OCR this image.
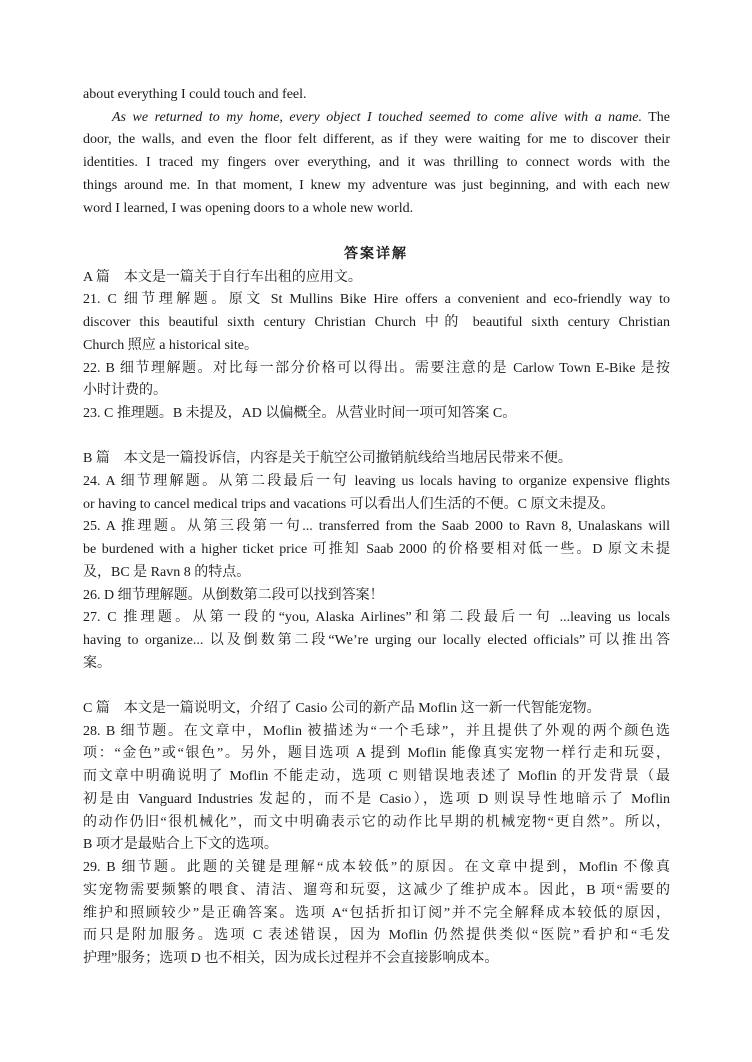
about everything I could touch and feel.
As we returned to my home, every object I touched seemed to come alive with a name. The
door, the walls, and even the floor felt different, as if they were waiting for me to discover their
identities. I traced my fingers over everything, and it was thrilling to connect words with the
things around me. In that moment, I knew my adventure was just beginning, and with each new
word I learned, I was opening doors to a whole new world.
答案详解
A 篇　本文是一篇关于自行车出租的应用文。
21. C 细节理解题。原文 St Mullins Bike Hire offers a convenient and eco-friendly way to
discover this beautiful sixth century Christian Church 中的 beautiful sixth century Christian
Church 照应 a historical site。
22. B 细节理解题。对比每一部分价格可以得出。需要注意的是 Carlow Town E-Bike 是按
小时计费的。
23. C 推理题。B 未提及，AD 以偏概全。从营业时间一项可知答案 C。
B 篇　本文是一篇投诉信，内容是关于航空公司撤销航线给当地居民带来不便。
24. A 细节理解题。从第二段最后一句 leaving us locals having to organize expensive flights
or having to cancel medical trips and vacations 可以看出人们生活的不便。C 原文未提及。
25. A 推理题。从第三段第一句... transferred from the Saab 2000 to Ravn 8, Unalaskans will
be burdened with a higher ticket price 可推知 Saab 2000 的价格要相对低一些。D 原文未提
及，BC 是 Ravn 8 的特点。
26. D 细节理解题。从倒数第二段可以找到答案！
27. C 推理题。从第一段的“you, Alaska Airlines”和第二段最后一句 ...leaving us locals
having to organize... 以及倒数第二段“We’re urging our locally elected officials”可以推出答
案。
C 篇　本文是一篇说明文，介绍了 Casio 公司的新产品 Moflin 这一新一代智能宠物。
28. B 细节题。在文章中，Moflin 被描述为“一个毛球”，并且提供了外观的两个颜色选
项：“金色”或“银色”。另外，题目选项 A 提到 Moflin 能像真实宠物一样行走和玩耍，
而文章中明确说明了 Moflin 不能走动，选项 C 则错误地表述了 Moflin 的开发背景（最
初是由 Vanguard Industries 发起的，而不是 Casio），选项 D 则误导性地暗示了 Moflin
的动作仍旧“很机械化”，而文中明确表示它的动作比早期的机械宠物“更自然”。所以，
B 项才是最贴合上下文的选项。
29. B 细节题。此题的关键是理解“成本较低”的原因。在文章中提到，Moflin 不像真
实宠物需要频繁的喂食、清洁、遛弯和玩耍，这减少了维护成本。因此，B 项“需要的
维护和照顾较少”是正确答案。选项 A“包括折扣订阅”并不完全解释成本较低的原因，
而只是附加服务。选项 C 表述错误，因为 Moflin 仍然提供类似“医院”看护和“毛发
护理”服务；选项 D 也不相关，因为成长过程并不会直接影响成本。
